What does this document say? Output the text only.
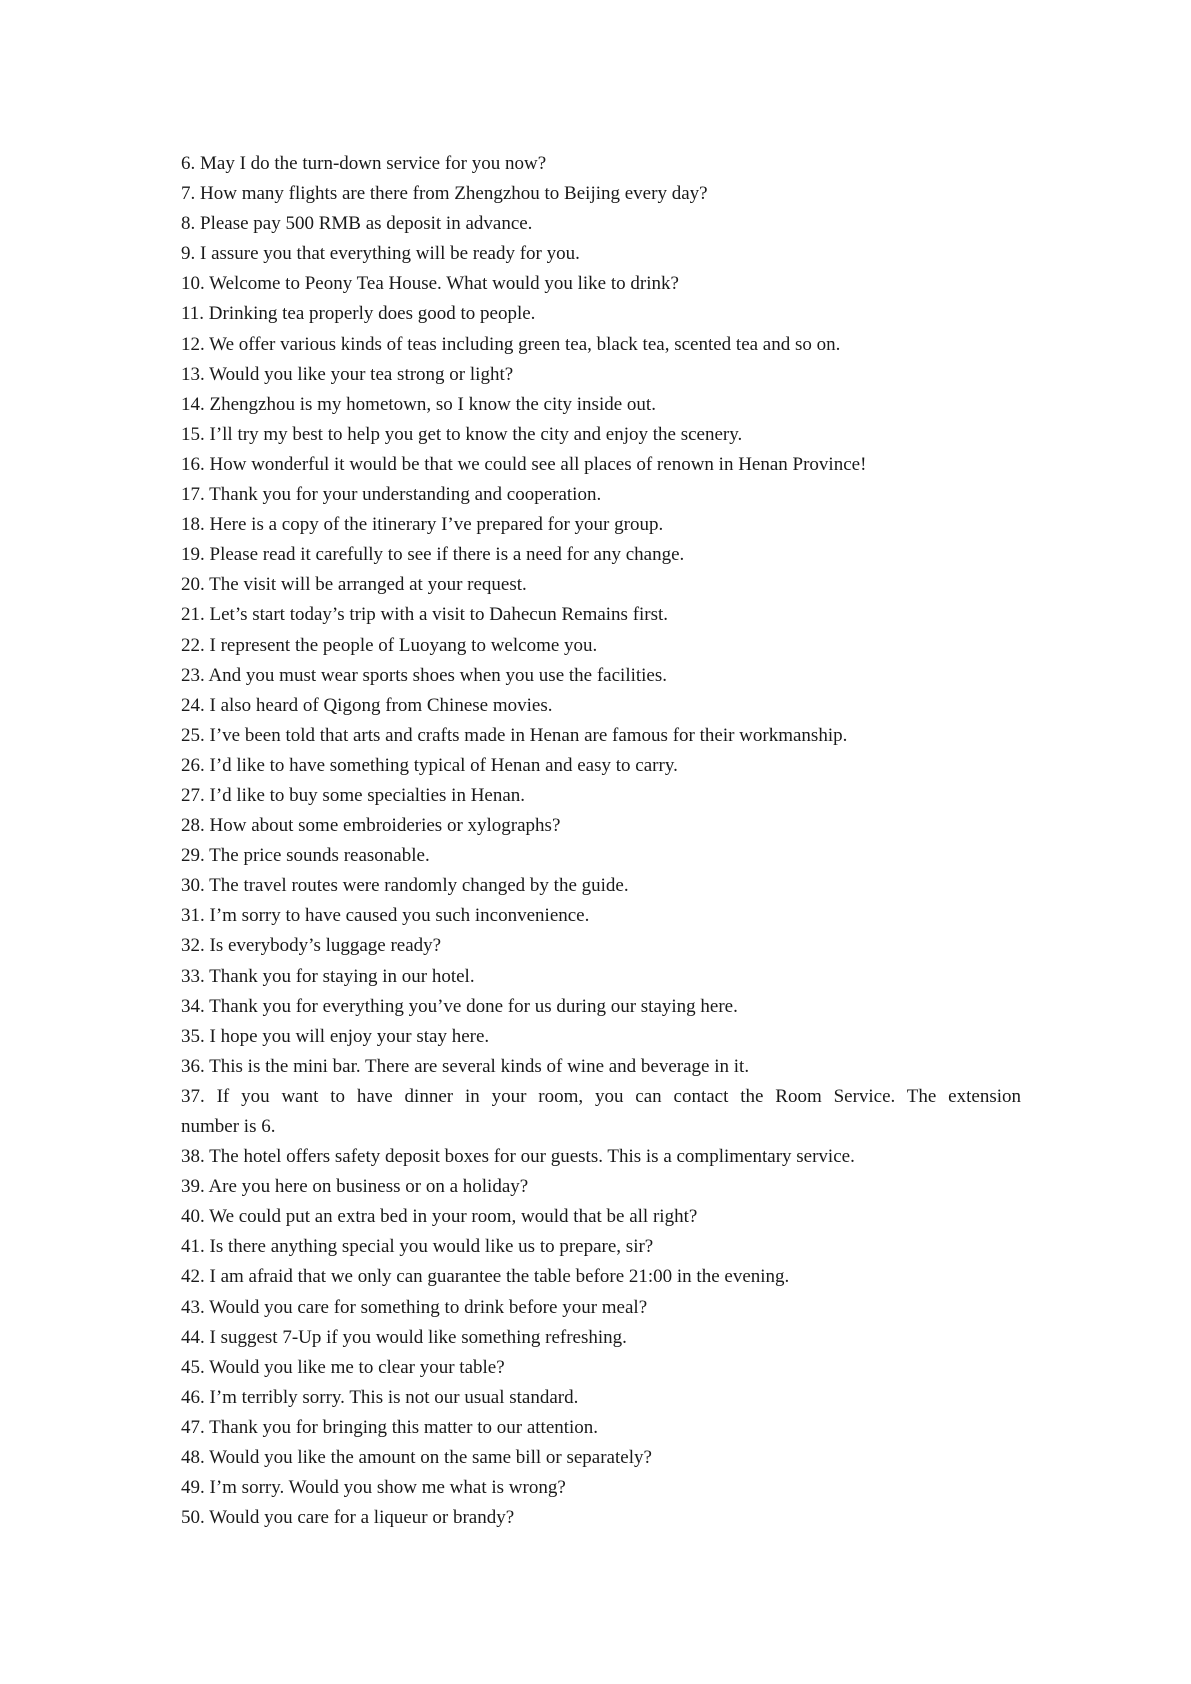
6. May I do the turn-down service for you now?

7. How many flights are there from Zhengzhou to Beijing every day?

8. Please pay 500 RMB as deposit in advance.

9. I assure you that everything will be ready for you.

10. Welcome to Peony Tea House. What would you like to drink?

11. Drinking tea properly does good to people.

12. We offer various kinds of teas including green tea, black tea, scented tea and so on.

13. Would you like your tea strong or light?

14. Zhengzhou is my hometown, so I know the city inside out.

15. I’ll try my best to help you get to know the city and enjoy the scenery.

16. How wonderful it would be that we could see all places of renown in Henan Province!

17. Thank you for your understanding and cooperation.

18. Here is a copy of the itinerary I’ve prepared for your group.

19. Please read it carefully to see if there is a need for any change.

20. The visit will be arranged at your request.

21. Let’s start today’s trip with a visit to Dahecun Remains first.

22. I represent the people of Luoyang to welcome you.

23. And you must wear sports shoes when you use the facilities.

24. I also heard of Qigong from Chinese movies.

25. I’ve been told that arts and crafts made in Henan are famous for their workmanship.

26. I’d like to have something typical of Henan and easy to carry.

27. I’d like to buy some specialties in Henan.

28. How about some embroideries or xylographs?

29. The price sounds reasonable.

30. The travel routes were randomly changed by the guide.

31. I’m sorry to have caused you such inconvenience.

32. Is everybody’s luggage ready?

33. Thank you for staying in our hotel.

34. Thank you for everything you’ve done for us during our staying here.

35. I hope you will enjoy your stay here.

36. This is the mini bar. There are several kinds of wine and beverage in it.

37. If you want to have dinner in your room, you can contact the Room Service. The extension

number is 6.

38. The hotel offers safety deposit boxes for our guests. This is a complimentary service.

39. Are you here on business or on a holiday?

40. We could put an extra bed in your room, would that be all right?

41. Is there anything special you would like us to prepare, sir?

42. I am afraid that we only can guarantee the table before 21:00 in the evening.

43. Would you care for something to drink before your meal?

44. I suggest 7-Up if you would like something refreshing.

45. Would you like me to clear your table?

46. I’m terribly sorry. This is not our usual standard.

47. Thank you for bringing this matter to our attention.

48. Would you like the amount on the same bill or separately?

49. I’m sorry. Would you show me what is wrong?

50. Would you care for a liqueur or brandy?
